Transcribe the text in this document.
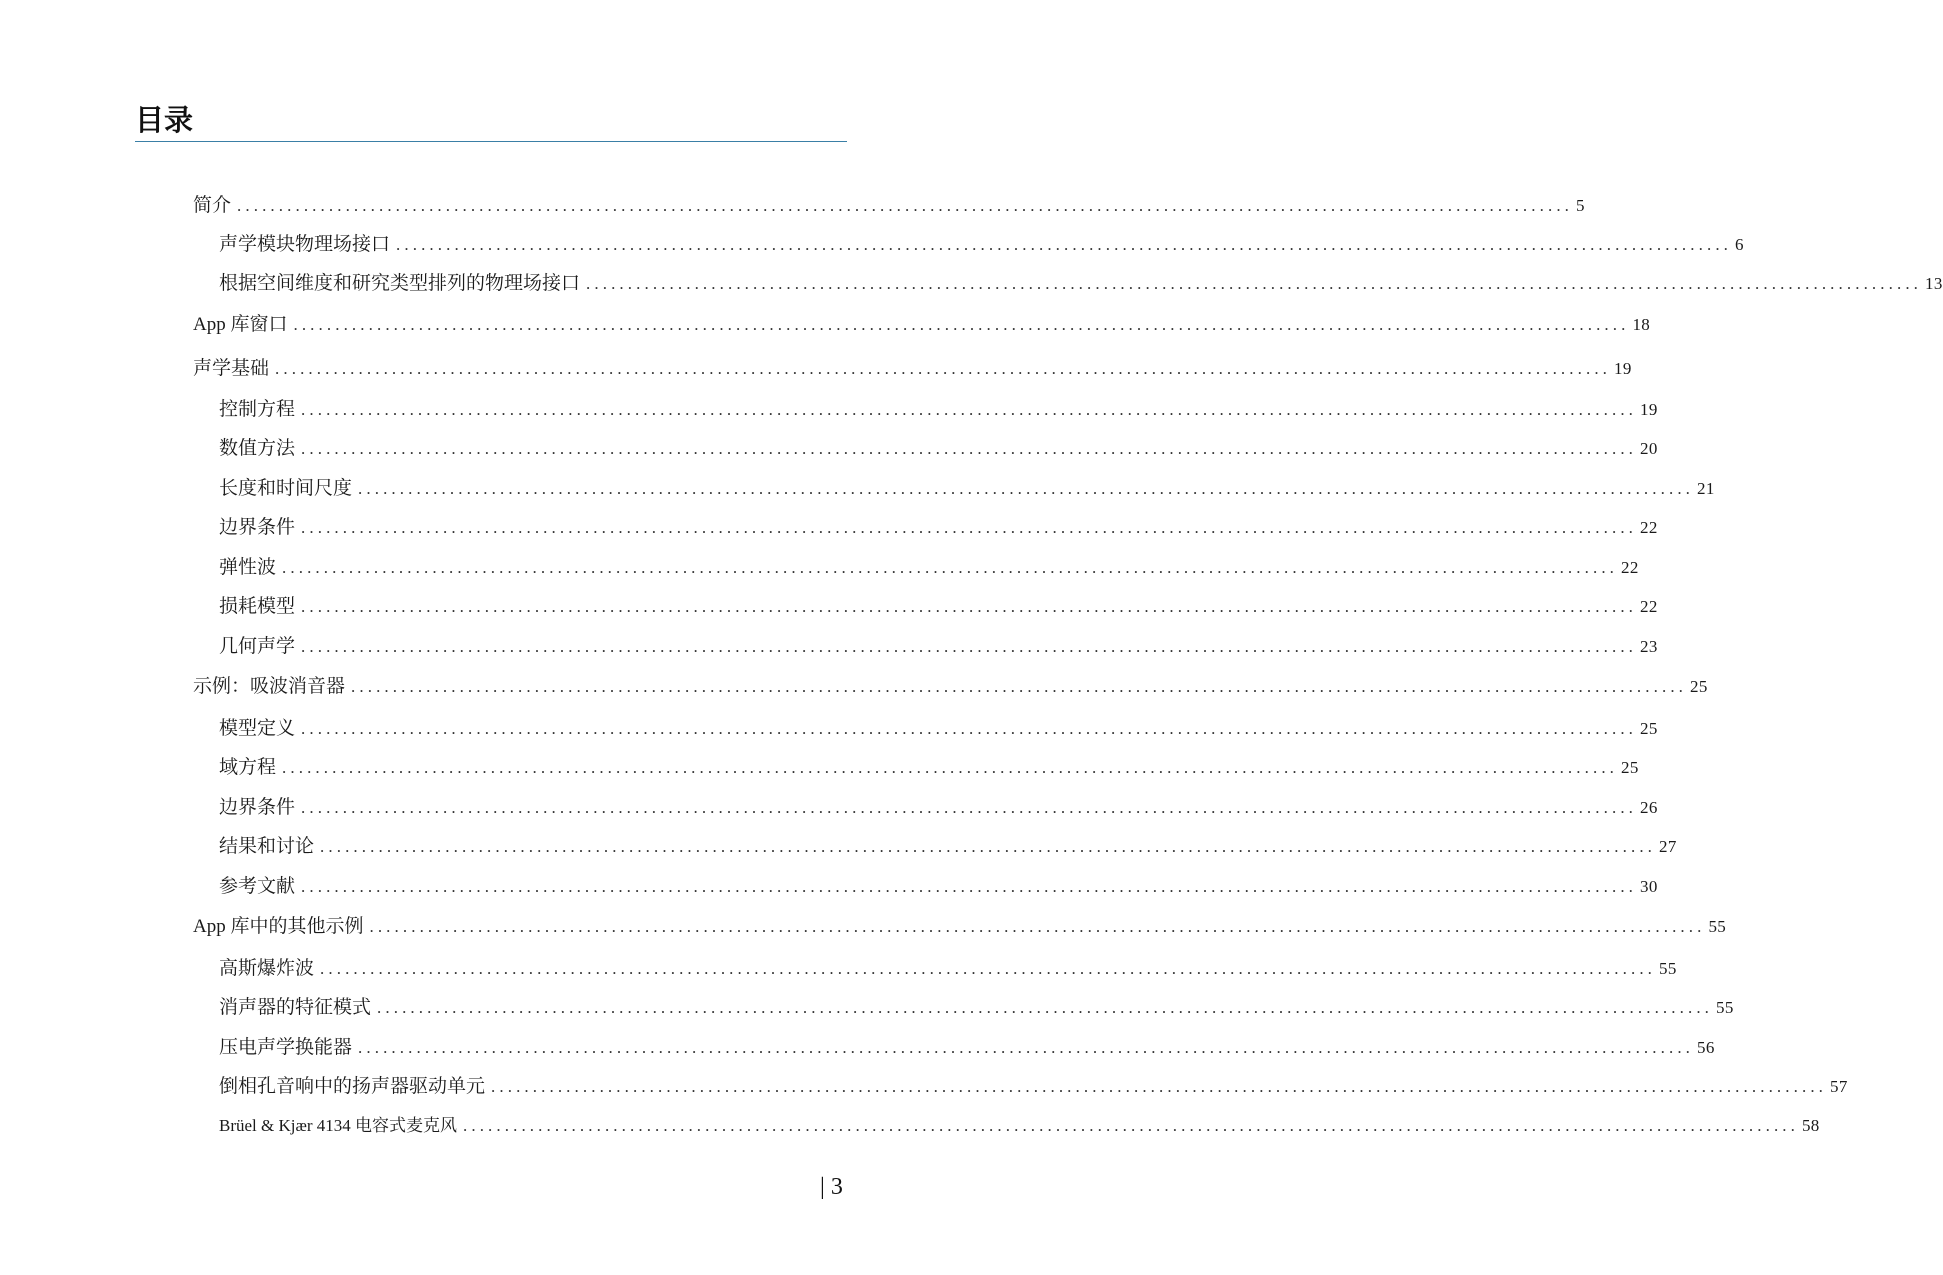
目录
简介 ................................................................................................................................................................ 5
声学模块物理场接口 ................................................................................................................................................................ 6
根据空间维度和研究类型排列的物理场接口 ................................................................................................................................................................ 13
App 库窗口 ................................................................................................................................................................ 18
声学基础 ................................................................................................................................................................ 19
控制方程 ................................................................................................................................................................ 19
数值方法 ................................................................................................................................................................ 20
长度和时间尺度 ................................................................................................................................................................ 21
边界条件 ................................................................................................................................................................ 22
弹性波 ................................................................................................................................................................ 22
损耗模型 ................................................................................................................................................................ 22
几何声学 ................................................................................................................................................................ 23
示例：吸波消音器 ................................................................................................................................................................ 25
模型定义 ................................................................................................................................................................ 25
域方程 ................................................................................................................................................................ 25
边界条件 ................................................................................................................................................................ 26
结果和讨论 ................................................................................................................................................................ 27
参考文献 ................................................................................................................................................................ 30
App 库中的其他示例 ................................................................................................................................................................ 55
高斯爆炸波 ................................................................................................................................................................ 55
消声器的特征模式 ................................................................................................................................................................ 55
压电声学换能器 ................................................................................................................................................................ 56
倒相孔音响中的扬声器驱动单元 ................................................................................................................................................................ 57
Brüel & Kjær 4134 电容式麦克风 ................................................................................................................................................................ 58
| 3
